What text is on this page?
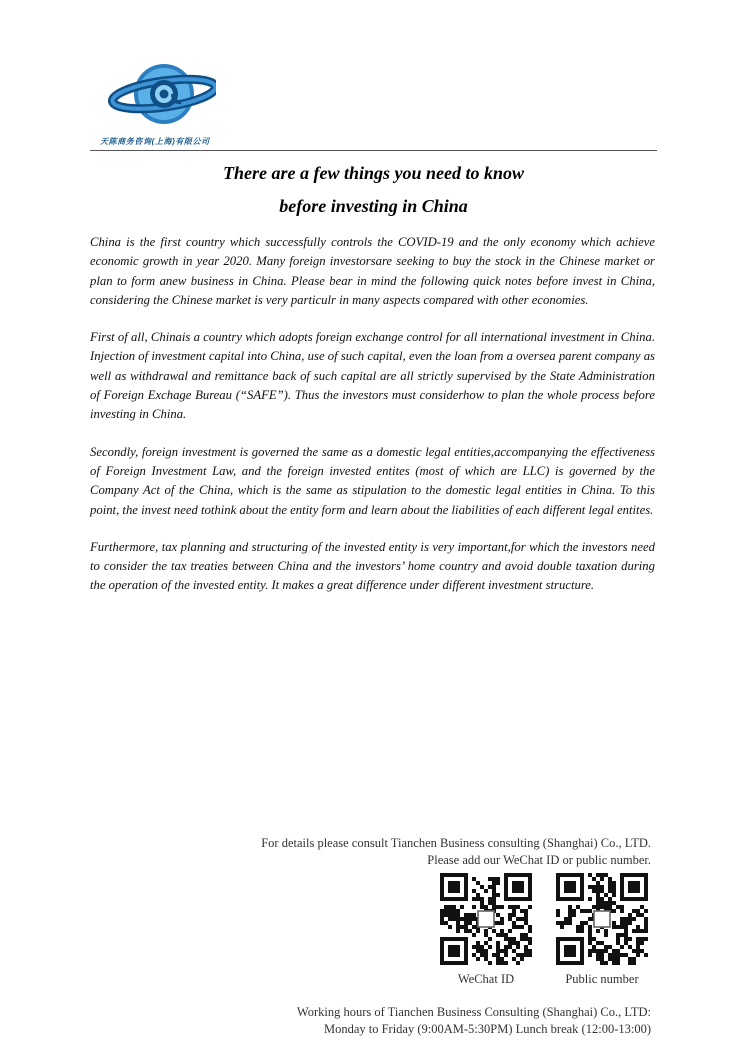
天陈商务咨询(上海)有限公司
There are a few things you need to know
before investing in China

China is the first country which successfully controls the COVID-19 and the only economy which achieve economic growth in year 2020. Many foreign investorsare seeking to buy the stock in the Chinese market or plan to form anew business in China. Please bear in mind the following quick notes before invest in China, considering the Chinese market is very particulr in many aspects compared with other economies.

First of all, Chinais a country which adopts foreign exchange control for all international investment in China. Injection of investment capital into China, use of such capital, even the loan from a oversea parent company as well as withdrawal and remittance back of such capital are all strictly supervised by the State Administration of Foreign Exchage Bureau (“SAFE”). Thus the investors must considerhow to plan the whole process before investing in China.

Secondly, foreign investment is governed the same as a domestic legal entities,accompanying the effectiveness of Foreign Investment Law, and the foreign invested entites (most of which are LLC) is governed by the Company Act of the China, which is the same as stipulation to the domestic legal entities in China. To this point, the invest need tothink about the entity form and learn about the liabilities of each different legal entites.

Furthermore, tax planning and structuring of the invested entity is very important,for which the investors need to consider the tax treaties between China and the investors’ home country and avoid double taxation during the operation of the invested entity. It makes a great difference under different investment structure.

For details please consult Tianchen Business consulting (Shanghai) Co., LTD.
Please add our WeChat ID or public number.
WeChat ID	Public number
Working hours of Tianchen Business Consulting (Shanghai) Co., LTD:
Monday to Friday (9:00AM-5:30PM) Lunch break (12:00-13:00)
